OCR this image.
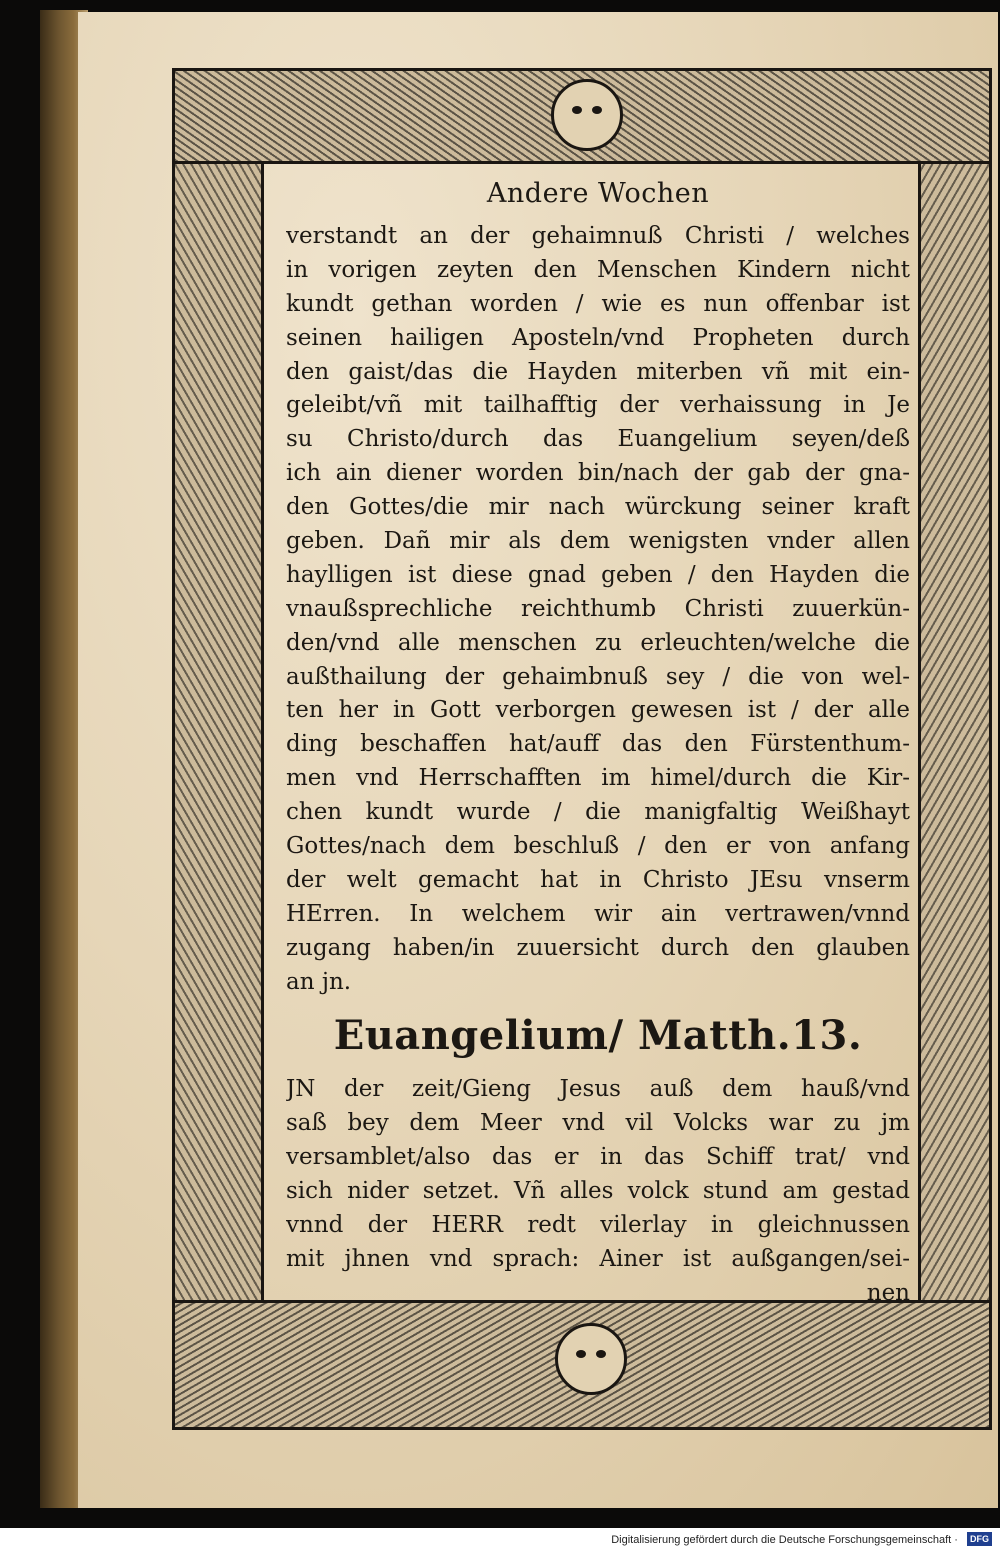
Andere Wochen
verstandt an der gehaimnuß Christi / welches
in vorigen zeyten den Menschen Kindern nicht
kundt gethan worden / wie es nun offenbar ist
seinen hailigen Aposteln/vnd Propheten durch
den gaist/das die Hayden miterben vñ mit ein-
geleibt/vñ mit tailhafftig der verhaissung in Je
su Christo/durch das Euangelium seyen/deß
ich ain diener worden bin/nach der gab der gna-
den Gottes/die mir nach würckung seiner kraft
geben. Dañ mir als dem wenigsten vnder allen
haylligen ist diese gnad geben / den Hayden die
vnaußsprechliche reichthumb Christi zuuerkün-
den/vnd alle menschen zu erleuchten/welche die
außthailung der gehaimbnuß sey / die von wel-
ten her in Gott verborgen gewesen ist / der alle
ding beschaffen hat/auff das den Fürstenthum-
men vnd Herrschafften im himel/durch die Kir-
chen kundt wurde / die manigfaltig Weißhayt
Gottes/nach dem beschluß / den er von anfang
der welt gemacht hat in Christo JEsu vnserm
HErren. In welchem wir ain vertrawen/vnnd
zugang haben/in zuuersicht durch den glauben
an jn.
Euangelium/ Matth.13.
JN der zeit/Gieng Jesus auß dem hauß/vnd
saß bey dem Meer vnd vil Volcks war zu jm
versamblet/also das er in das Schiff trat/ vnd
sich nider setzet. Vñ alles volck stund am gestad
vnnd der HERR redt vilerlay in gleichnussen
mit jhnen vnd sprach: Ainer ist außgangen/sei-
nen
Digitalisierung gefördert durch die Deutsche Forschungsgemeinschaft · DFG
